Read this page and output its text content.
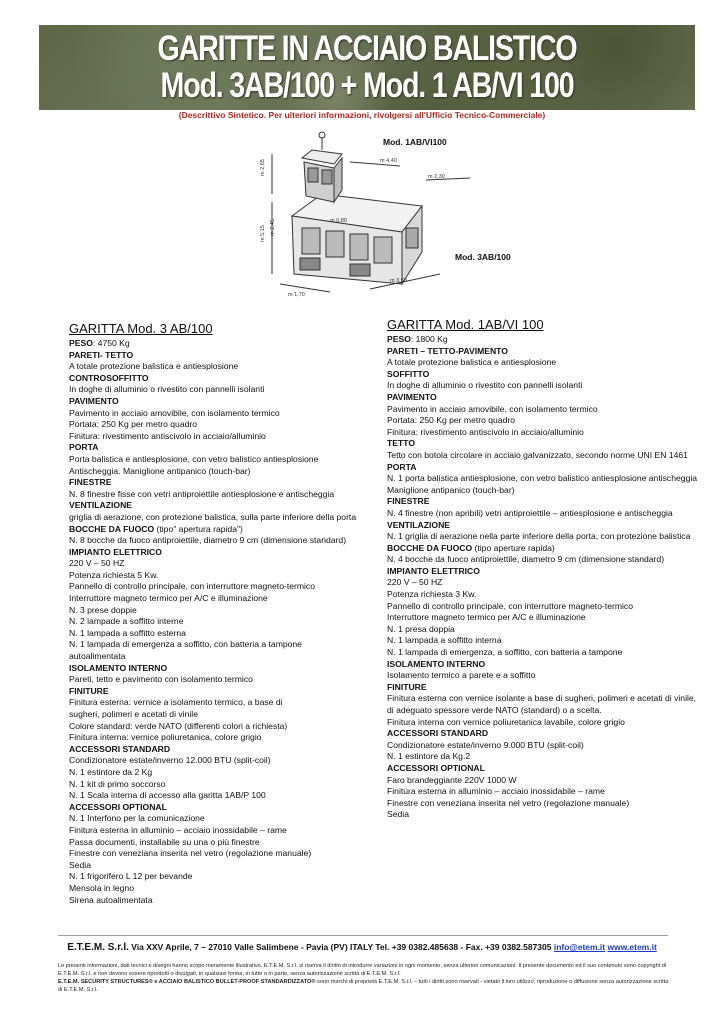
GARITTE IN ACCIAIO BALISTICO
Mod. 3AB/100 + Mod. 1 AB/VI 100
(Descrittivo Sintetico. Per ulteriori informazioni, rivolgersi all'Ufficio Tecnico-Commerciale)
m 2,65	m 4,40
m 2,30
m 0,80
m 5,15 m 2,45
m 3,50
m 1,70
Mod. 1AB/VI100
Mod. 3AB/100
GARITTA Mod. 3 AB/100
PESO: 4750 Kg
PARETI- TETTO
A totale protezione balistica e antiesplosione
CONTROSOFFITTO
In doghe di alluminio o rivestito con pannelli isolanti
PAVIMENTO
Pavimento in acciaio amovibile, con isolamento termico
Portata: 250 Kg per metro quadro
Finitura: rivestimento antiscivolo in acciaio/alluminio
PORTA
Porta balistica e antiesplosione, con vetro balistico antiesplosione
Antischeggia. Maniglione antipanico (touch-bar)
FINESTRE
N. 8 finestre fisse con vetri antiproiettile antiesplosione e antischeggia
VENTILAZIONE
griglia di aerazione, con protezione balistica, sulla parte inferiore della porta
BOCCHE DA FUOCO (tipo" apertura rapida")
N. 8 bocche da fuoco antiproiettile, diametro 9 cm (dimensione standard)
IMPIANTO ELETTRICO
220 V – 50 HZ
Potenza richiesta 5 Kw.
Pannello di controllo principale, con interruttore magneto-termico
Interruttore magneto termico per A/C e illuminazione
N. 3 prese doppie
N. 2 lampade a soffitto interne
N. 1 lampada a soffitto esterna
N. 1 lampada di emergenza a soffitto, con batteria a tampone
autoalimentata
ISOLAMENTO INTERNO
Pareti, tetto e pavimento con isolamento termico
FINITURE
Finitura esterna: vernice a isolamento termico, a base di
sugheri, polimeri e acetati di vinile
Colore standard: verde NATO (differenti colori a richiesta)
Finitura interna: vernice poliuretanica, colore grigio
ACCESSORI STANDARD
Condizionatore estate/inverno 12.000 BTU (split-coil)
N. 1 estintore da 2 Kg
N. 1 kit di primo soccorso
N. 1 Scala interna di accesso alla garitta 1AB/P 100
ACCESSORI OPTIONAL
N. 1 Interfono per la comunicazione
Finitura esterna in alluminio – acciaio inossidabile – rame
Passa documenti, installabile su una o più finestre
Finestre con veneziana inserita nel vetro (regolazione manuale)
Sedia
N. 1 frigorifero L 12 per bevande
Mensola in legno
Sirena autoalimentata
GARITTA Mod. 1AB/VI 100
PESO: 1800 Kg
PARETI – TETTO-PAVIMENTO
A totale protezione balistica e antiesplosione
SOFFITTO
In doghe di alluminio o rivestito con pannelli isolanti
PAVIMENTO
Pavimento in acciaio amovibile, con isolamento termico
Portata: 250 Kg per metro quadro
Finitura: rivestimento antiscivolo in acciaio/alluminio
TETTO
Tetto con botola circolare in acciaio galvanizzato, secondo norme UNI EN 1461
PORTA
N. 1 porta balistica antiesplosione, con vetro balistico antiesplosione antischeggia
Maniglione antipanico (touch-bar)
FINESTRE
N. 4 finestre (non apribili) vetri antiproiettile – antiesplosione e antischeggia
VENTILAZIONE
N. 1 griglia di aerazione nella parte inferiore della porta, con protezione balistica
BOCCHE DA FUOCO (tipo aperture rapida)
N. 4 bocche da fuoco antiproiettile, diametro 9 cm (dimensione standard)
IMPIANTO ELETTRICO
220 V – 50 HZ
Potenza richiesta 3 Kw.
Pannello di controllo principale, con interruttore magneto-termico
Interruttore magneto termico per A/C e illuminazione
N. 1 presa doppia
N. 1 lampada a soffitto interna
N. 1 lampada di emergenza, a soffitto, con batteria a tampone
ISOLAMENTO INTERNO
Isolamento termico a parete e a soffitto
FINITURE
Finitura esterna con vernice isolante a base di sugheri, polimeri e acetati di vinile,
di adeguato spessore verde NATO (standard) o a scelta.
Finitura interna con vernice poliuretanica lavabile, colore grigio
ACCESSORI STANDARD
Condizionatore estate/inverno 9.000 BTU (split-coil)
N. 1 estintore da Kg.2
ACCESSORI OPTIONAL
Faro brandeggiante 220V 1000 W
Finitura esterna in alluminio – acciaio inossidabile – rame
Finestre con veneziana inserita nel vetro (regolazione manuale)
Sedia
E.T.E.M. S.r.l. Via XXV Aprile, 7 – 27010 Valle Salimbene - Pavia (PV) ITALY Tel. +39 0382.485638 - Fax. +39 0382.587305 info@etem.it www.etem.it
Le presenti informazioni, dati tecnici e disegni hanno scopo meramente illustrativo. E.T.E.M. S.r.l. si riserva il diritto di introdurre variazioni in ogni momento, senza ulteriori comunicazioni. Il presente documento ed il suo contenuto sono copyright di E.T.E.M. S.r.l. e non devono essere riprodotti o divulgati, in qualsiasi forma, in tutto o in parte, senza autorizzazione scritta di E.T.E.M. S.r.l.
E.T.E.M. SECURITY STRUCTURES® e ACCIAIO BALISTICO BULLET-PROOF STANDARDIZZATO® sono marchi di proprietà E.T.E.M. S.r.l. – tutti i diritti sono riservati - vietato il loro utilizzo, riproduzione o diffusione senza autorizzazione scritta di E.T.E.M. S.r.l.
